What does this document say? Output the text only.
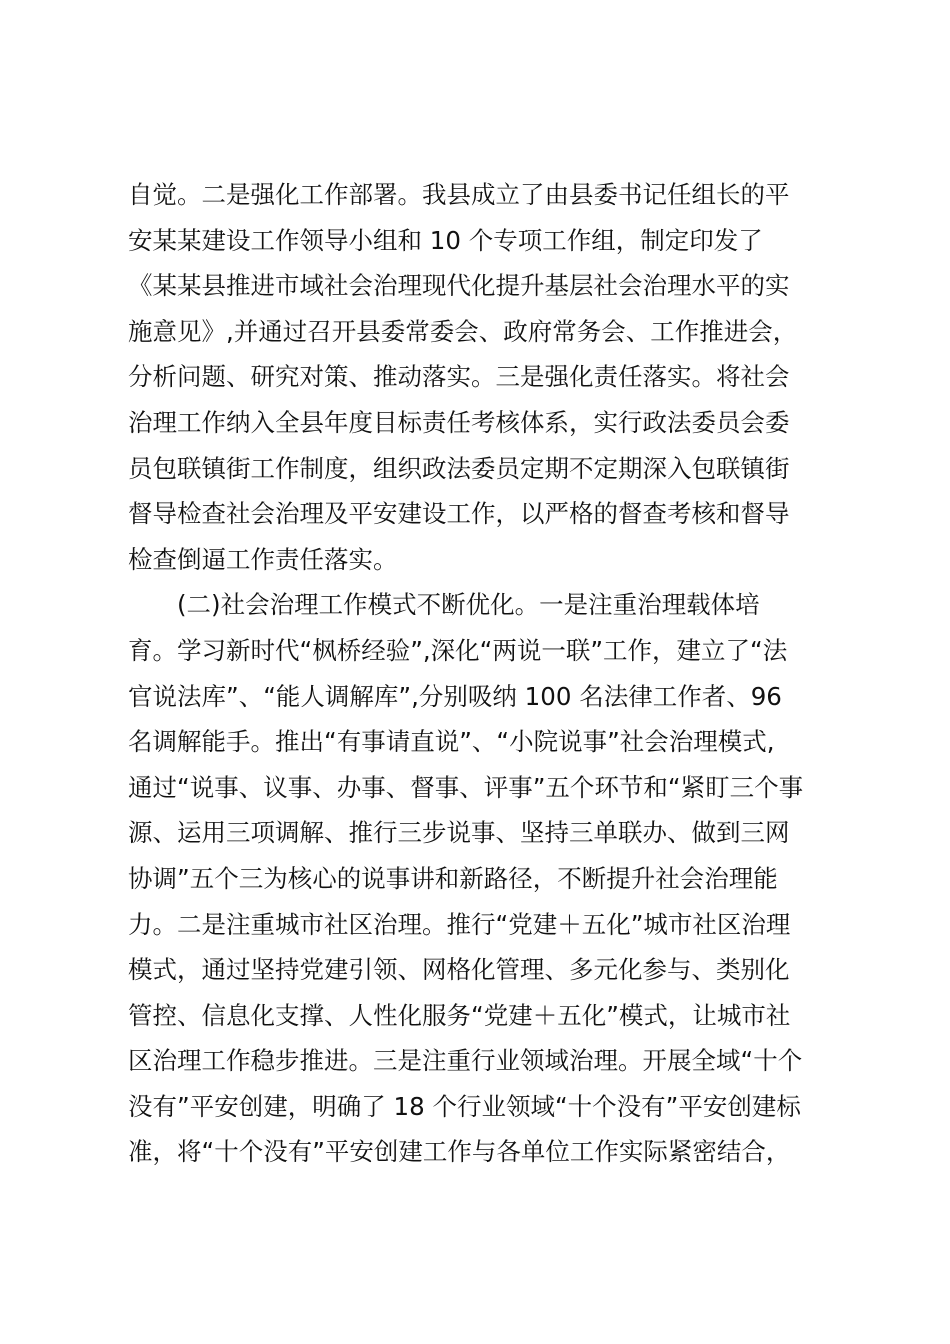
自觉。二是强化工作部署。我县成立了由县委书记任组长的平
安某某建设工作领导小组和 10 个专项工作组，制定印发了
《某某县推进市域社会治理现代化提升基层社会治理水平的实
施意见》,并通过召开县委常委会、政府常务会、工作推进会，
分析问题、研究对策、推动落实。三是强化责任落实。将社会
治理工作纳入全县年度目标责任考核体系，实行政法委员会委
员包联镇街工作制度，组织政法委员定期不定期深入包联镇街
督导检查社会治理及平安建设工作，以严格的督查考核和督导
检查倒逼工作责任落实。
　　(二)社会治理工作模式不断优化。一是注重治理载体培
育。学习新时代“枫桥经验”,深化“两说一联”工作，建立了“法
官说法库”、“能人调解库”,分别吸纳 100 名法律工作者、96
名调解能手。推出“有事请直说”、“小院说事”社会治理模式,
通过“说事、议事、办事、督事、评事”五个环节和“紧盯三个事
源、运用三项调解、推行三步说事、坚持三单联办、做到三网
协调”五个三为核心的说事讲和新路径，不断提升社会治理能
力。二是注重城市社区治理。推行“党建＋五化”城市社区治理
模式，通过坚持党建引领、网格化管理、多元化参与、类别化
管控、信息化支撑、人性化服务“党建＋五化”模式，让城市社
区治理工作稳步推进。三是注重行业领域治理。开展全域“十个
没有”平安创建，明确了 18 个行业领域“十个没有”平安创建标
准，将“十个没有”平安创建工作与各单位工作实际紧密结合，
